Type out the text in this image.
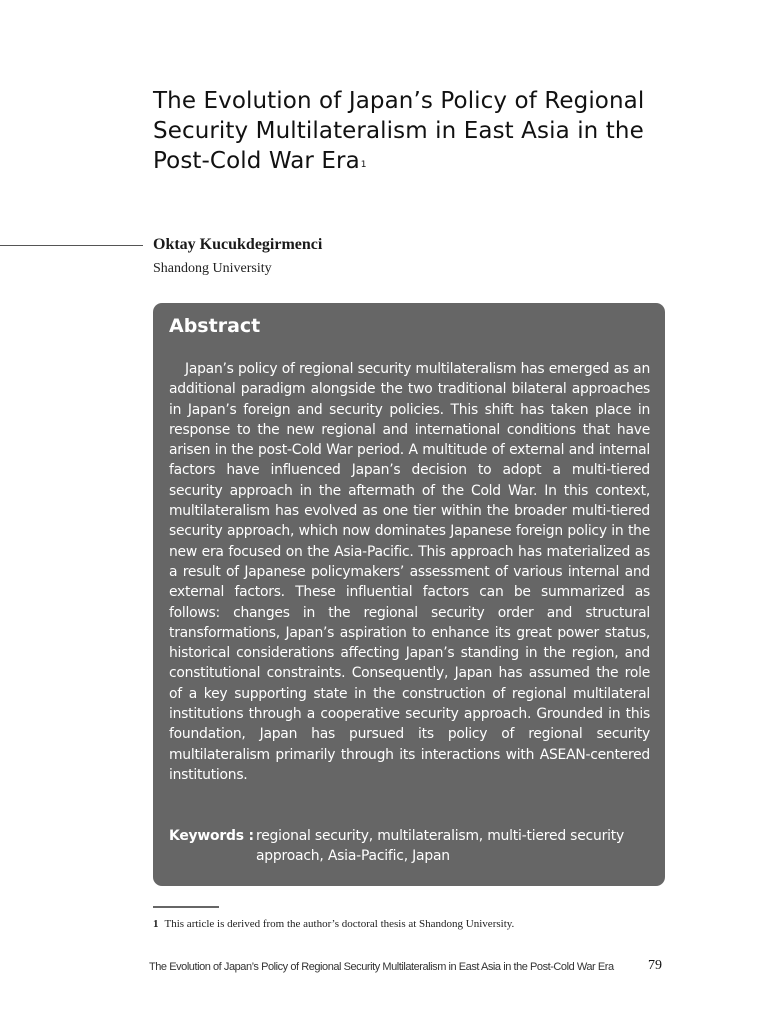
The Evolution of Japan’s Policy of Regional Security Multilateralism in East Asia in the Post-Cold War Era$^1$
Oktay Kucukdegirmenci
Shandong University
Abstract

Japan’s policy of regional security multilateralism has emerged as an additional paradigm alongside the two traditional bilateral approaches in Japan’s foreign and security policies. This shift has taken place in response to the new regional and international conditions that have arisen in the post-Cold War period. A multitude of external and internal factors have influenced Japan’s decision to adopt a multi-tiered security approach in the aftermath of the Cold War. In this context, multilateralism has evolved as one tier within the broader multi-tiered security approach, which now dominates Japanese foreign policy in the new era focused on the Asia-Pacific. This approach has materialized as a result of Japanese policymakers’ assessment of various internal and external factors. These influential factors can be summarized as follows: changes in the regional security order and structural transformations, Japan’s aspiration to enhance its great power status, historical considerations affecting Japan’s standing in the region, and constitutional constraints. Consequently, Japan has assumed the role of a key supporting state in the construction of regional multilateral institutions through a cooperative security approach. Grounded in this foundation, Japan has pursued its policy of regional security multilateralism primarily through its interactions with ASEAN-centered institutions.

Keywords : regional security, multilateralism, multi-tiered security approach, Asia-Pacific, Japan
1 This article is derived from the author’s doctoral thesis at Shandong University.
The Evolution of Japan’s Policy of Regional Security Multilateralism in East Asia in the Post-Cold War Era 79
